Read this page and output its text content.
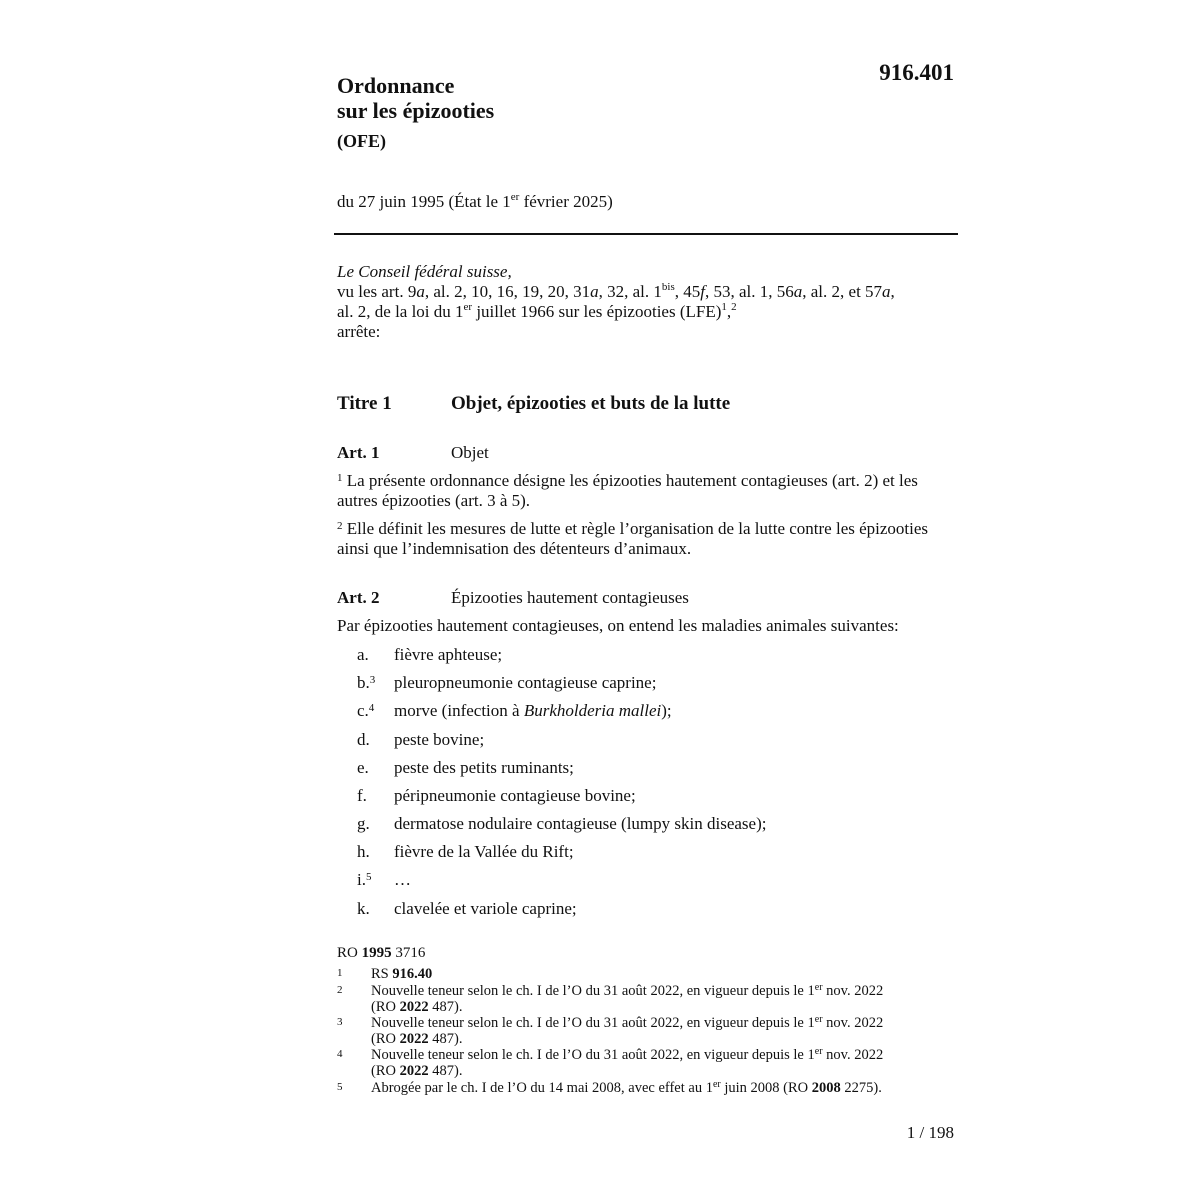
916.401
Ordonnance
sur les épizooties
(OFE)
du 27 juin 1995 (État le 1er février 2025)
Le Conseil fédéral suisse,
vu les art. 9a, al. 2, 10, 16, 19, 20, 31a, 32, al. $1^{bis}$, 45f, 53, al. 1, 56a, al. 2, et 57a,
al. 2, de la loi du 1er juillet 1966 sur les épizooties (LFE)$^1$,$^2$
arrête:
Titre 1	Objet, épizooties et buts de la lutte
Art. 1	Objet
$^1$ La présente ordonnance désigne les épizooties hautement contagieuses (art. 2) et les
autres épizooties (art. 3 à 5).
$^2$ Elle définit les mesures de lutte et règle l’organisation de la lutte contre les épizooties
ainsi que l’indemnisation des détenteurs d’animaux.
Art. 2	Épizooties hautement contagieuses
Par épizooties hautement contagieuses, on entend les maladies animales suivantes:
a. fièvre aphteuse;
b.$^3$ pleuropneumonie contagieuse caprine;
c.$^4$ morve (infection à Burkholderia mallei);
d. peste bovine;
e. peste des petits ruminants;
f. péripneumonie contagieuse bovine;
g. dermatose nodulaire contagieuse (lumpy skin disease);
h. fièvre de la Vallée du Rift;
i.$^5$ …
k. clavelée et variole caprine;
RO 1995 3716
1 RS 916.40
2 Nouvelle teneur selon le ch. I de l’O du 31 août 2022, en vigueur depuis le 1er nov. 2022
(RO 2022 487).
3 Nouvelle teneur selon le ch. I de l’O du 31 août 2022, en vigueur depuis le 1er nov. 2022
(RO 2022 487).
4 Nouvelle teneur selon le ch. I de l’O du 31 août 2022, en vigueur depuis le 1er nov. 2022
(RO 2022 487).
5 Abrogée par le ch. I de l’O du 14 mai 2008, avec effet au 1er juin 2008 (RO 2008 2275).
1 / 198
